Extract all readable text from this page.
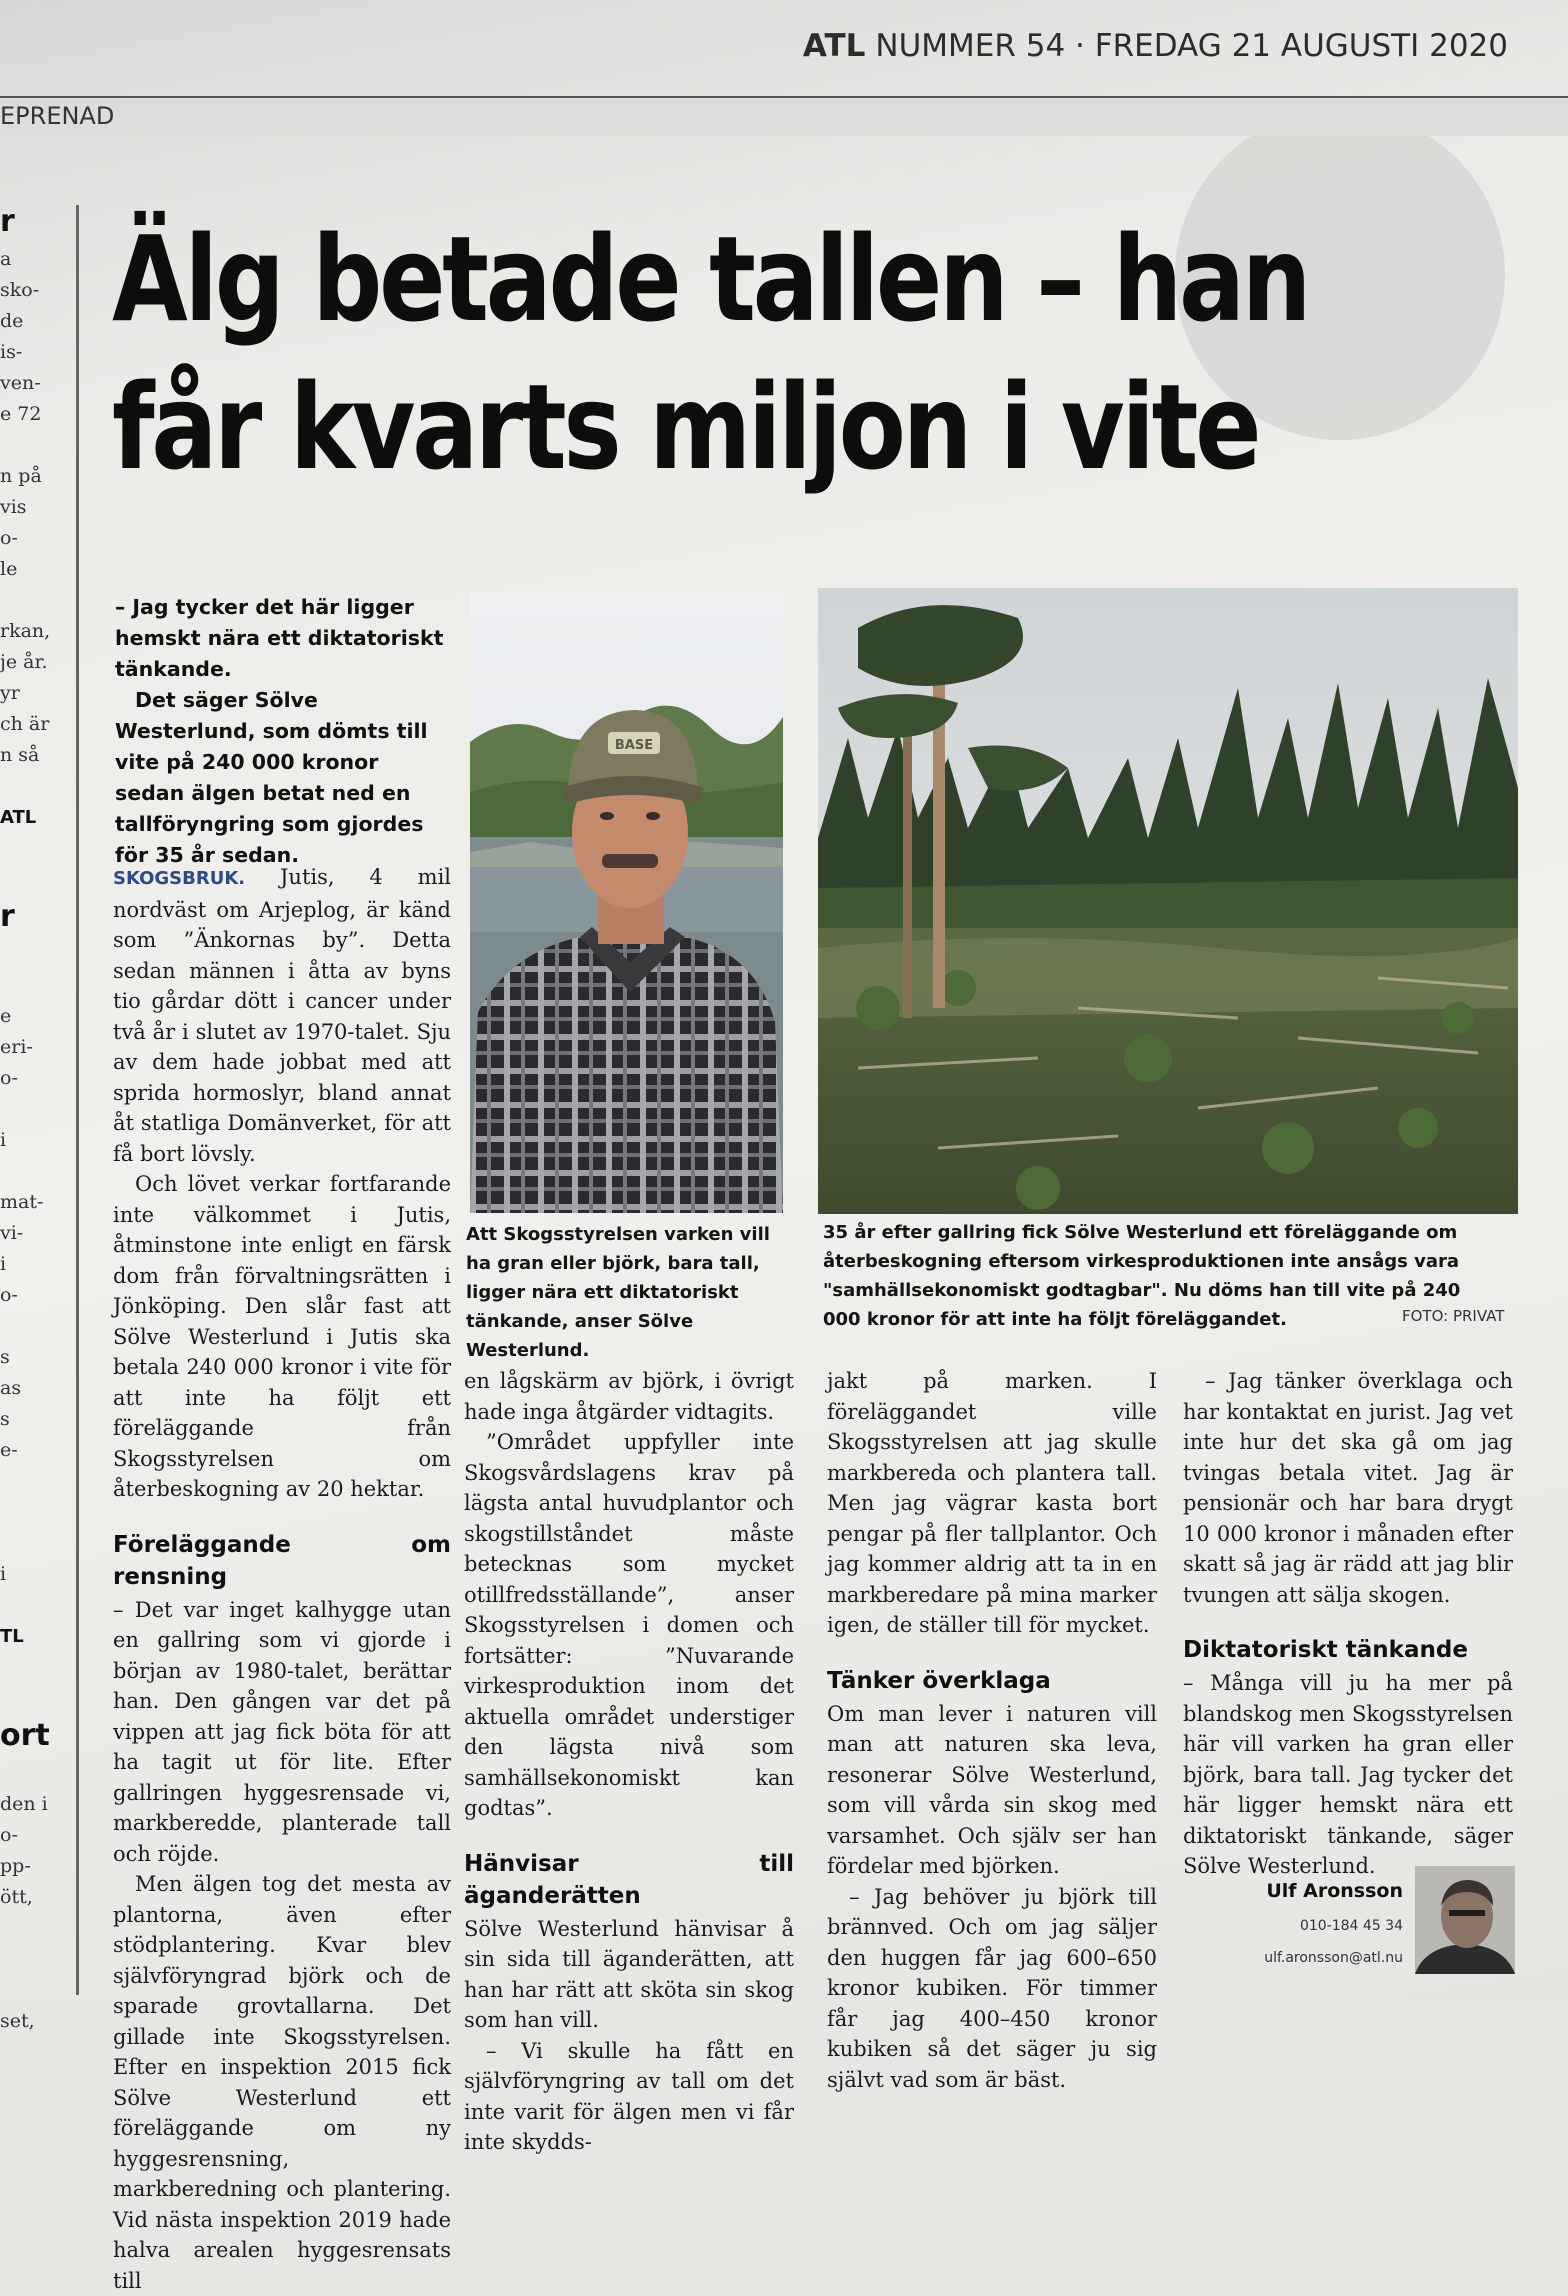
ATL NUMMER 54 · FREDAG 21 AUGUSTI 2020
EPRENAD
r
a
sko-
de
is-
ven-
e 72

n på
vis
o-
le

rkan,
je år.
yr
ch är
n så

ATL

r

e
eri-
o-

i

mat-
vi-
i
o-

s
as
s
e-

i

TL

ort

den i
o-
pp-
ött,

set,
Älg betade tallen – han
får kvarts miljon i vite

– Jag tycker det här ligger hemskt nära ett diktatoriskt tänkande.

Det säger Sölve Westerlund, som dömts till vite på 240 000 kronor sedan älgen betat ned en tallföryngring som gjordes för 35 år sedan.

SKOGSBRUK. Jutis, 4 mil nordväst om Arjeplog, är känd som ”Änkornas by”. Detta sedan männen i åtta av byns tio gårdar dött i cancer under två år i slutet av 1970-talet. Sju av dem hade jobbat med att sprida hormoslyr, bland annat åt statliga Domänverket, för att få bort lövsly.

Och lövet verkar fortfarande inte välkommet i Jutis, åtminstone inte enligt en färsk dom från förvaltningsrätten i Jönköping. Den slår fast att Sölve Westerlund i Jutis ska betala 240 000 kronor i vite för att inte ha följt ett föreläggande från Skogsstyrelsen om återbeskogning av 20 hektar.

Föreläggande om rensning

– Det var inget kalhygge utan en gallring som vi gjorde i början av 1980-talet, berättar han. Den gången var det på vippen att jag fick böta för att ha tagit ut för lite. Efter gallringen hyggesrensade vi, markberedde, planterade tall och röjde.

Men älgen tog det mesta av plantorna, även efter stödplantering. Kvar blev självföryngrad björk och de sparade grovtallarna. Det gillade inte Skogsstyrelsen. Efter en inspektion 2015 fick Sölve Westerlund ett föreläggande om ny hyggesrensning, markberedning och plantering. Vid nästa inspektion 2019 hade halva arealen hyggesrensats till

BASE
Att Skogsstyrelsen varken vill ha gran eller björk, bara tall, ligger nära ett diktatoriskt tänkande, anser Sölve Westerlund.
35 år efter gallring fick Sölve Westerlund ett föreläggande om återbeskogning eftersom virkesproduktionen inte ansågs vara "samhällsekonomiskt godtagbar". Nu döms han till vite på 240 000 kronor för att inte ha följt föreläggandet.	FOTO: PRIVAT

en lågskärm av björk, i övrigt hade inga åtgärder vidtagits.

”Området uppfyller inte Skogsvårdslagens krav på lägsta antal huvudplantor och skogstillståndet måste betecknas som mycket otillfredsställande”, anser Skogsstyrelsen i domen och fortsätter: ”Nuvarande virkesproduktion inom det aktuella området understiger den lägsta nivå som samhällsekonomiskt kan godtas”.

Hänvisar till äganderätten

Sölve Westerlund hänvisar å sin sida till äganderätten, att han har rätt att sköta sin skog som han vill.

– Vi skulle ha fått en självföryngring av tall om det inte varit för älgen men vi får inte skydds-

jakt på marken. I föreläggandet ville Skogsstyrelsen att jag skulle markbereda och plantera tall. Men jag vägrar kasta bort pengar på fler tallplantor. Och jag kommer aldrig att ta in en markberedare på mina marker igen, de ställer till för mycket.

Tänker överklaga

Om man lever i naturen vill man att naturen ska leva, resonerar Sölve Westerlund, som vill vårda sin skog med varsamhet. Och själv ser han fördelar med björken.

– Jag behöver ju björk till brännved. Och om jag säljer den huggen får jag 600–650 kronor kubiken. För timmer får jag 400–450 kronor kubiken så det säger ju sig självt vad som är bäst.

– Jag tänker överklaga och har kontaktat en jurist. Jag vet inte hur det ska gå om jag tvingas betala vitet. Jag är pensionär och har bara drygt 10 000 kronor i månaden efter skatt så jag är rädd att jag blir tvungen att sälja skogen.

Diktatoriskt tänkande

– Många vill ju ha mer på blandskog men Skogsstyrelsen här vill varken ha gran eller björk, bara tall. Jag tycker det här ligger hemskt nära ett diktatoriskt tänkande, säger Sölve Westerlund.

Ulf Aronsson
010-184 45 34
ulf.aronsson@atl.nu
